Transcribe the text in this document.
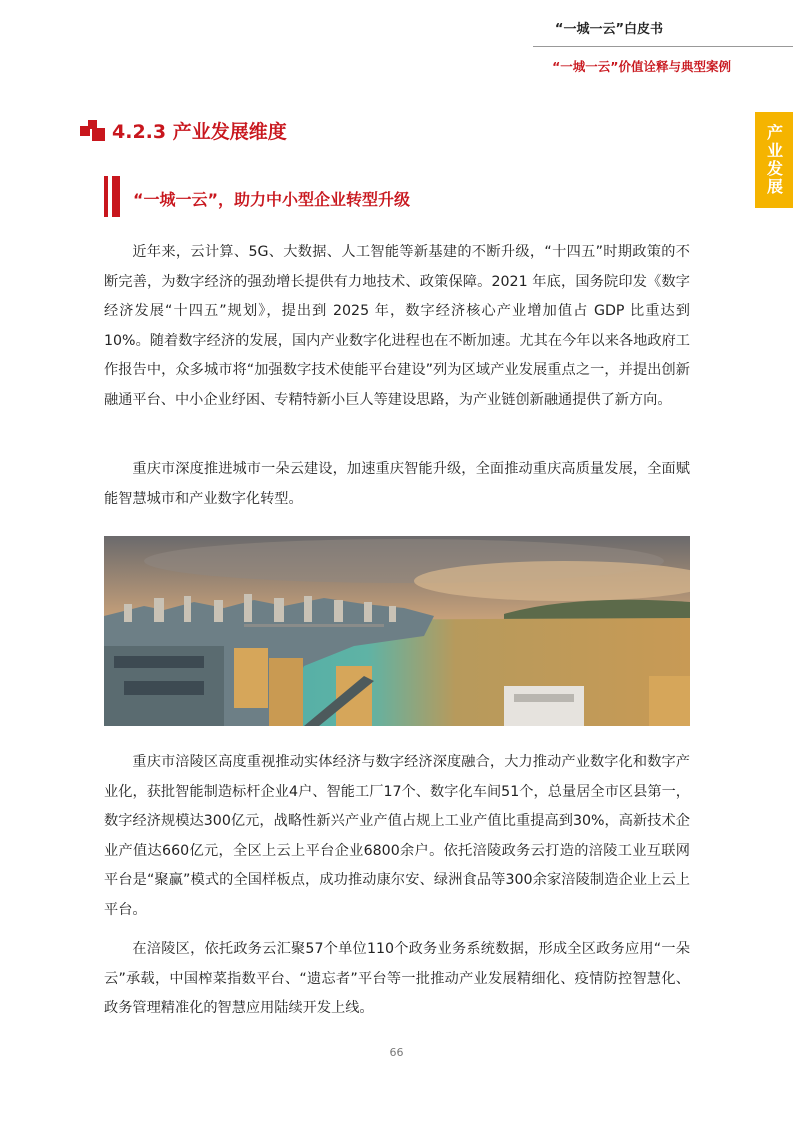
“一城一云”白皮书
“一城一云”价值诠释与典型案例
产业发展
4.2.3 产业发展维度
“一城一云”，助力中小型企业转型升级

近年来，云计算、5G、大数据、人工智能等新基建的不断升级，“十四五”时期政策的不断完善，为数字经济的强劲增长提供有力地技术、政策保障。2021 年底，国务院印发《数字经济发展“十四五”规划》，提出到 2025 年，数字经济核心产业增加值占 GDP 比重达到 10%。随着数字经济的发展，国内产业数字化进程也在不断加速。尤其在今年以来各地政府工作报告中，众多城市将“加强数字技术使能平台建设”列为区域产业发展重点之一，并提出创新融通平台、中小企业纾困、专精特新小巨人等建设思路，为产业链创新融通提供了新方向。

重庆市深度推进城市一朵云建设，加速重庆智能升级，全面推动重庆高质量发展，全面赋能智慧城市和产业数字化转型。

重庆市涪陵区高度重视推动实体经济与数字经济深度融合，大力推动产业数字化和数字产业化，获批智能制造标杆企业4户、智能工厂17个、数字化车间51个，总量居全市区县第一，数字经济规模达300亿元，战略性新兴产业产值占规上工业产值比重提高到30%，高新技术企业产值达660亿元，全区上云上平台企业6800余户。依托涪陵政务云打造的涪陵工业互联网平台是“聚赢”模式的全国样板点，成功推动康尔安、绿洲食品等300余家涪陵制造企业上云上平台。

在涪陵区，依托政务云汇聚57个单位110个政务业务系统数据，形成全区政务应用“一朵云”承载，中国榨菜指数平台、“遗忘者”平台等一批推动产业发展精细化、疫情防控智慧化、政务管理精准化的智慧应用陆续开发上线。

66
